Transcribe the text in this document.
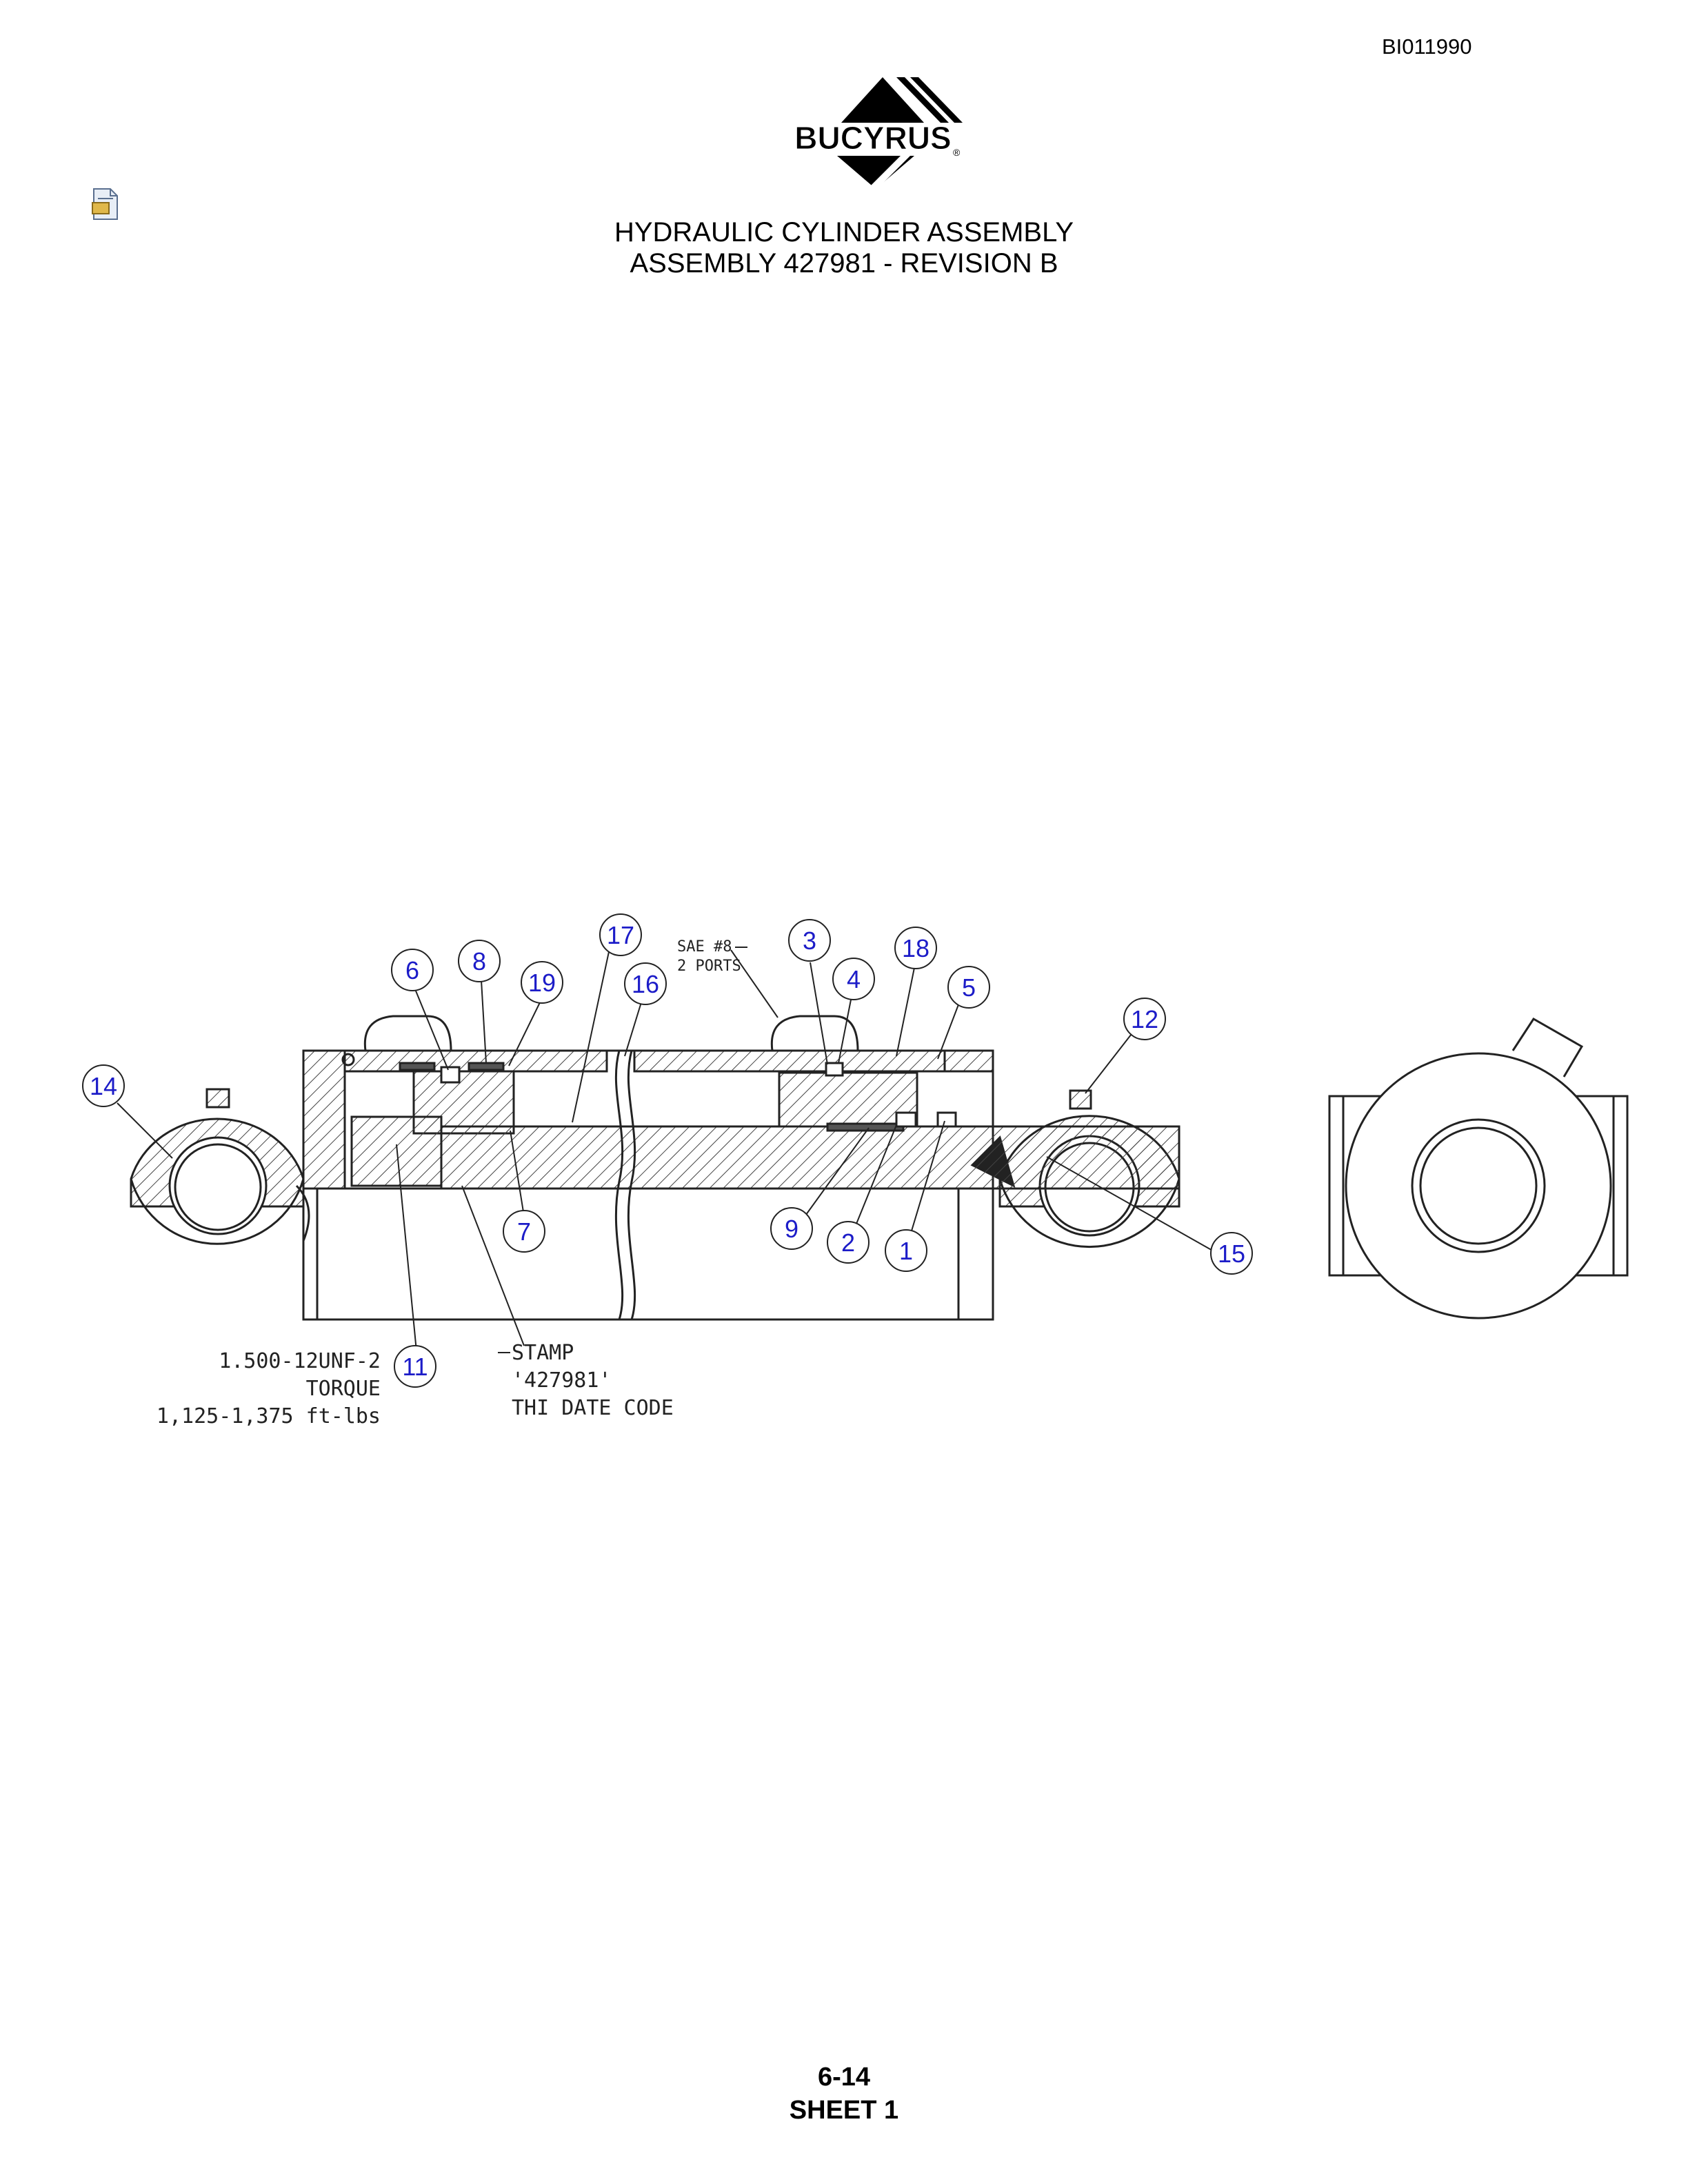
BI011990
BUCYRUS ®
HYDRAULIC CYLINDER ASSEMBLY
ASSEMBLY 427981 - REVISION B
17
6 8
19	16
3
4
18
5
12
14
7	9 2 1	15
11
SAE #8
2 PORTS
1.500-12UNF-2
TORQUE
1,125-1,375 ft-lbs
STAMP
'427981'
THI DATE CODE
6-14
SHEET 1
